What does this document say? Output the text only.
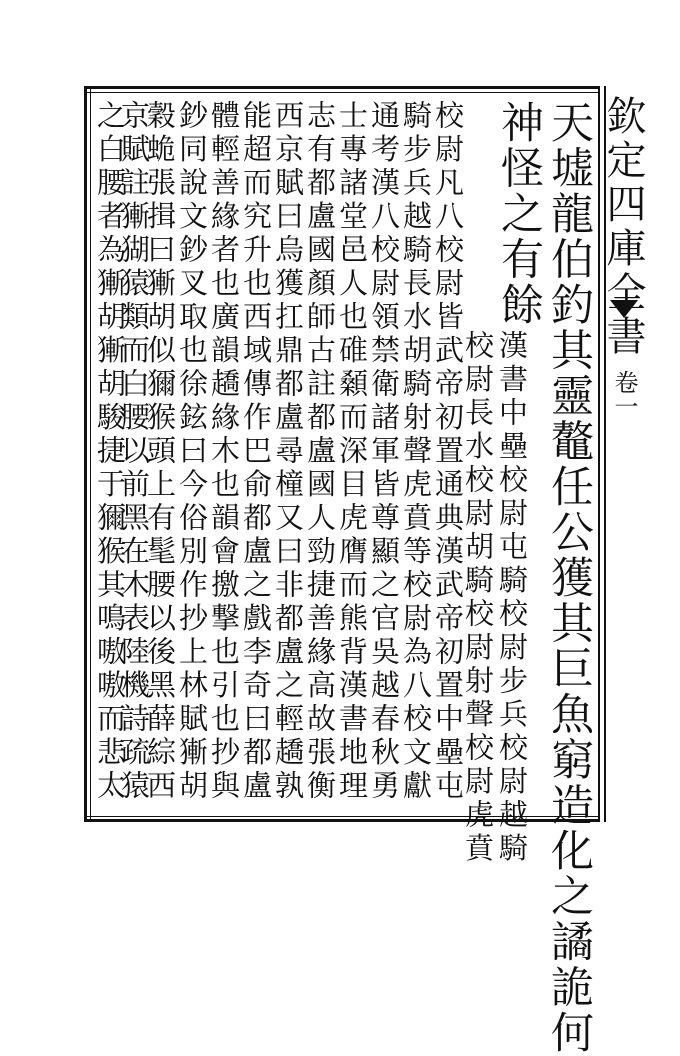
欽定四庫全書
卷一
天墟龍伯釣其靈鼇任公獲其巨魚窮造化之譎詭何
神怪之有餘
漢書中壘校尉屯騎校尉步兵校尉越騎
校尉長水校尉胡騎校尉射聲校尉虎賁
校尉凡八校尉皆武帝初置通典漢武帝初置中壘屯
騎步兵越騎長水胡騎射聲虎賁等校尉為八校文獻
通考漢八校尉領禁衛諸軍皆尊顯之官吳越春秋勇
士專諸堂邑人也碓顙而深目虎膺而熊背漢書地理
志有都盧國顏師古註都盧國人勁捷善緣高故張衡
西京賦曰烏獲扛鼎都盧尋橦又曰非都盧之輕趫孰
能超而究升也西域傳作巴俞都盧之戲李奇曰都盧
體輕善緣者也廣韻趫緣木也韻會撽撃也引也抄與
鈔同說文鈔叉取也徐鉉曰今俗別作抄上林賦獑胡
穀蛫張揖曰獑胡似獮猴頭上有髦腰以後黑薛綜西
京賦註獑猢猿類而白腰以前黑在木表陸機詩疏猿
之白腰者為獑胡獑胡駿捷于獮猴其鳴嗷嗷而悲太
